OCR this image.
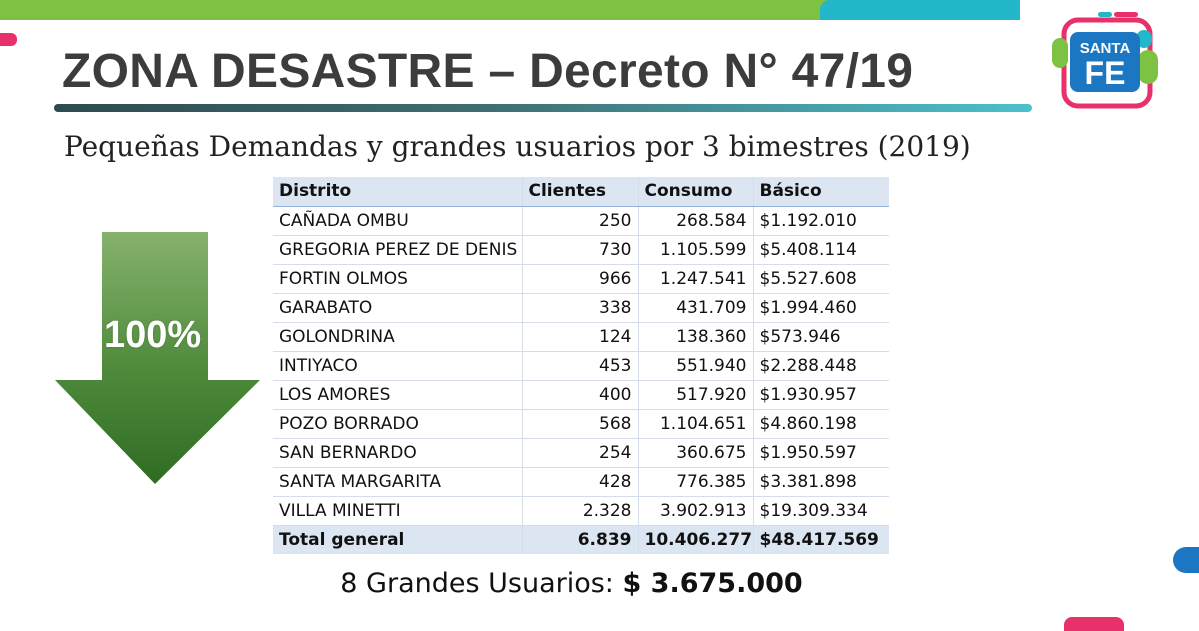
ZONA DESASTRE – Decreto N° 47/19	SANTA
FE
Pequeñas Demandas y grandes usuarios por 3 bimestres (2019)
100%
Distrito	Clientes	Consumo	Básico
CAÑADA OMBU	250	268.584	$1.192.010

GREGORIA PEREZ DE DENIS	730	1.105.599	$5.408.114

FORTIN OLMOS	966	1.247.541	$5.527.608

GARABATO	338	431.709	$1.994.460

GOLONDRINA	124	138.360	$573.946

INTIYACO	453	551.940	$2.288.448

LOS AMORES	400	517.920	$1.930.957

POZO BORRADO	568	1.104.651	$4.860.198

SAN BERNARDO	254	360.675	$1.950.597

SANTA MARGARITA	428	776.385	$3.381.898

VILLA MINETTI	2.328	3.902.913	$19.309.334

Total general	6.839	10.406.277	$48.417.569
8 Grandes Usuarios: $ 3.675.000
